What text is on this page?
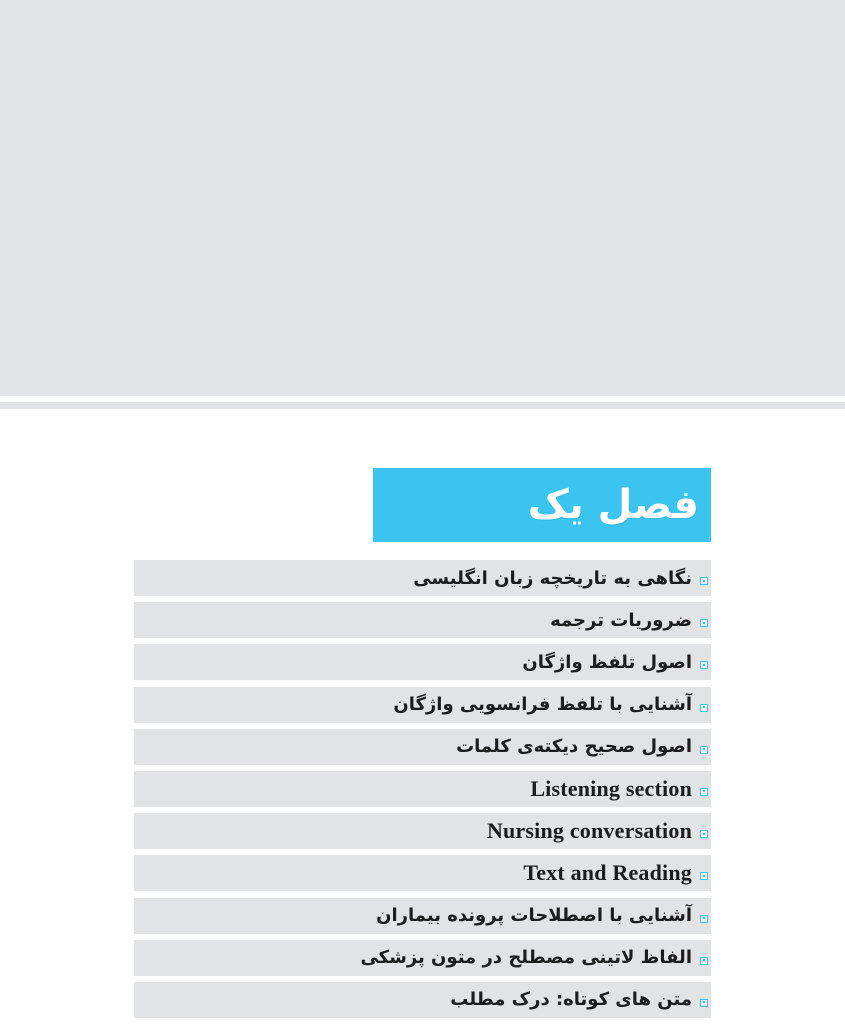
فصل یک
نگاهی به تاریخچه زبان انگلیسی
ضروریات ترجمه
اصول تلفظ واژگان
آشنایی با تلفظ فرانسویی واژگان
اصول صحیح دیکته‌ی کلمات
Listening section
Nursing conversation
Text and Reading
آشنایی با اصطلاحات پرونده بیماران
الفاظ لاتینی مصطلح در متون پزشکی
متن های کوتاه: درک مطلب
